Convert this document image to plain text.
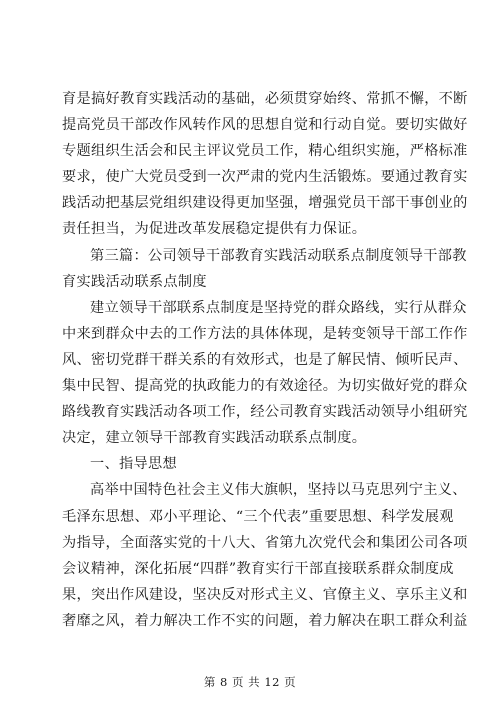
育是搞好教育实践活动的基础，必须贯穿始终、常抓不懈，不断
提高党员干部改作风转作风的思想自觉和行动自觉。要切实做好
专题组织生活会和民主评议党员工作，精心组织实施，严格标准
要求，使广大党员受到一次严肃的党内生活锻炼。要通过教育实
践活动把基层党组织建设得更加坚强，增强党员干部干事创业的
责任担当，为促进改革发展稳定提供有力保证。
第三篇：公司领导干部教育实践活动联系点制度领导干部教
育实践活动联系点制度
建立领导干部联系点制度是坚持党的群众路线，实行从群众
中来到群众中去的工作方法的具体体现，是转变领导干部工作作
风、密切党群干群关系的有效形式，也是了解民情、倾听民声、
集中民智、提高党的执政能力的有效途径。为切实做好党的群众
路线教育实践活动各项工作，经公司教育实践活动领导小组研究
决定，建立领导干部教育实践活动联系点制度。
一、指导思想
高举中国特色社会主义伟大旗帜，坚持以马克思列宁主义、
毛泽东思想、邓小平理论、“三个代表”重要思想、科学发展观
为指导，全面落实党的十八大、省第九次党代会和集团公司各项
会议精神，深化拓展“四群”教育实行干部直接联系群众制度成
果，突出作风建设，坚决反对形式主义、官僚主义、享乐主义和
奢靡之风，着力解决工作不实的问题，着力解决在职工群众利益
第 8 页 共 12 页
